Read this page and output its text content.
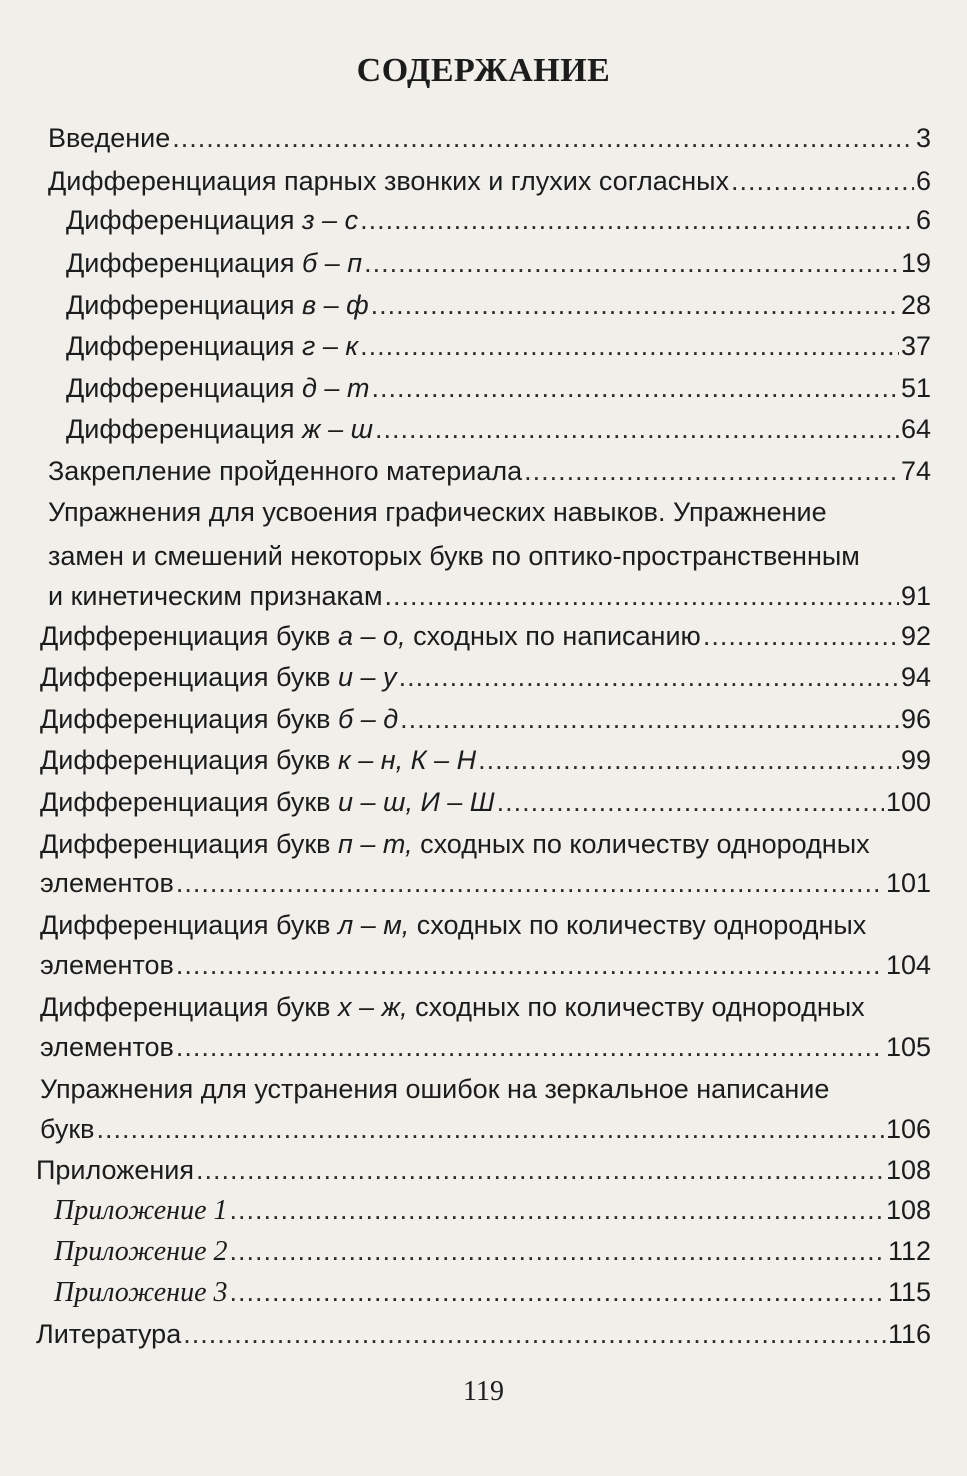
СОДЕРЖАНИЕ
Введение .....	3
Дифференциация парных звонких и глухих согласных .....	6
Дифференциация з – с .....	6
Дифференциация б – п .....	19
Дифференциация в – ф .....	28
Дифференциация г – к .....	37
Дифференциация д – т .....	51
Дифференциация ж – ш .....	64
Закрепление пройденного материала .....	74
Упражнения для усвоения графических навыков. Упражнение
замен и смешений некоторых букв по оптико-пространственным
и кинетическим признакам .....	91
Дифференциация букв а – о, сходных по написанию .....	92
Дифференциация букв и – у .....	94
Дифференциация букв б – д .....	96
Дифференциация букв к – н, К – Н .....	99
Дифференциация букв и – ш, И – Ш .....	100
Дифференциация букв п – т, сходных по количеству однородных
элементов .....	101
Дифференциация букв л – м, сходных по количеству однородных
элементов .....	104
Дифференциация букв х – ж, сходных по количеству однородных
элементов .....	105
Упражнения для устранения ошибок на зеркальное написание
букв .....	106
Приложения .....	108
Приложение 1 .....	108
Приложение 2 .....	112
Приложение 3 .....	115
Литература .....	116
119
